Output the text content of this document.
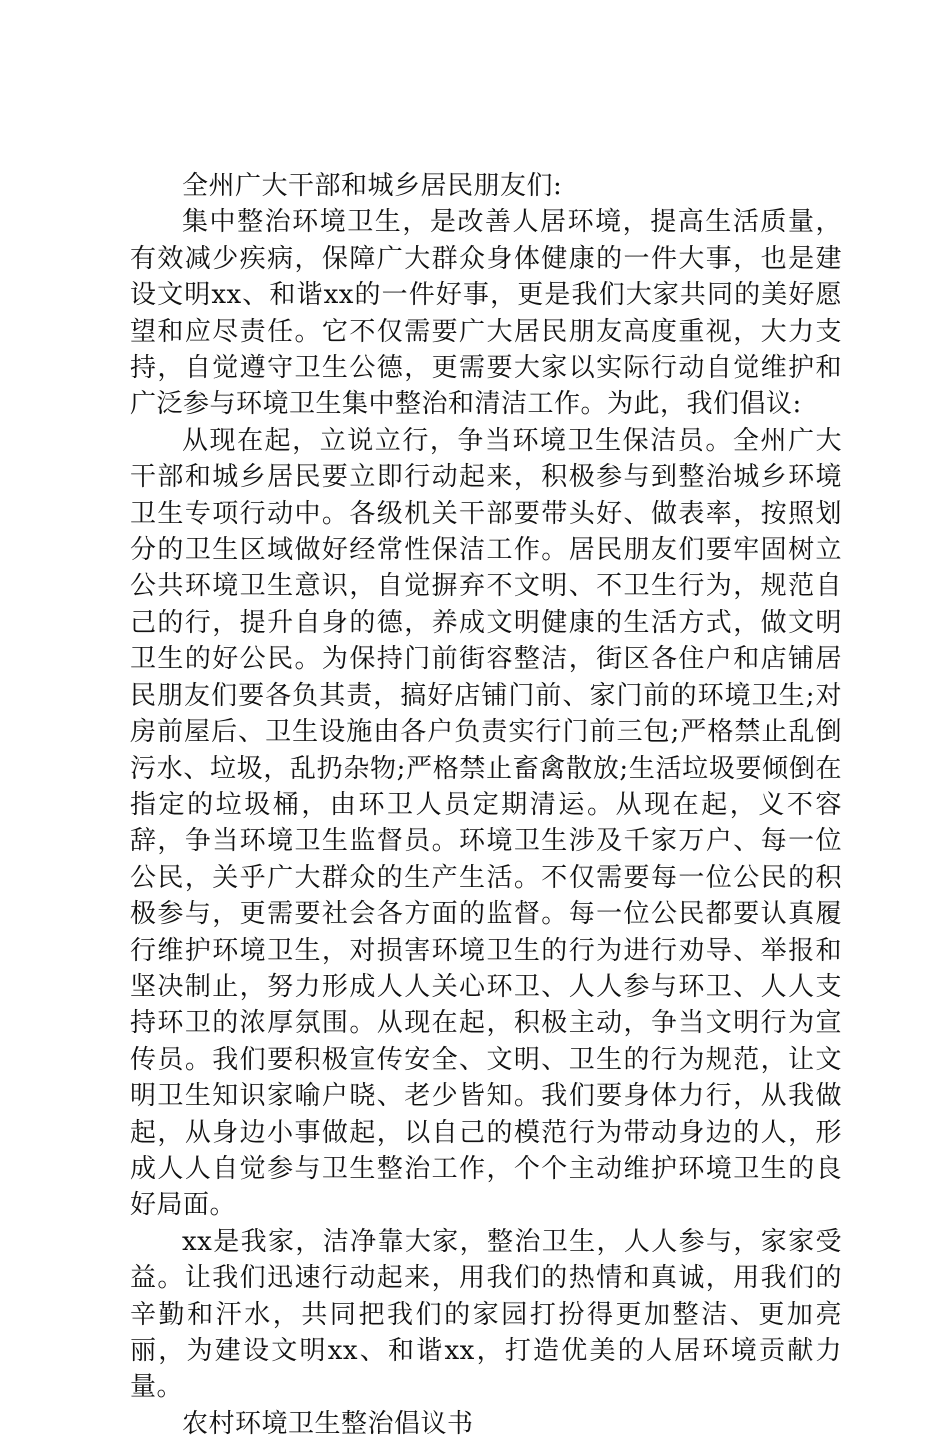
全州广大干部和城乡居民朋友们:

集中整治环境卫生，是改善人居环境，提高生活质量，有效减少疾病，保障广大群众身体健康的一件大事，也是建设文明xx、和谐xx的一件好事，更是我们大家共同的美好愿望和应尽责任。它不仅需要广大居民朋友高度重视，大力支持，自觉遵守卫生公德，更需要大家以实际行动自觉维护和广泛参与环境卫生集中整治和清洁工作。为此，我们倡议:

从现在起，立说立行，争当环境卫生保洁员。全州广大干部和城乡居民要立即行动起来，积极参与到整治城乡环境卫生专项行动中。各级机关干部要带头好、做表率，按照划分的卫生区域做好经常性保洁工作。居民朋友们要牢固树立公共环境卫生意识，自觉摒弃不文明、不卫生行为，规范自己的行，提升自身的德，养成文明健康的生活方式，做文明卫生的好公民。为保持门前街容整洁，街区各住户和店铺居民朋友们要各负其责，搞好店铺门前、家门前的环境卫生;对房前屋后、卫生设施由各户负责实行门前三包;严格禁止乱倒污水、垃圾，乱扔杂物;严格禁止畜禽散放;生活垃圾要倾倒在指定的垃圾桶，由环卫人员定期清运。从现在起，义不容辞，争当环境卫生监督员。环境卫生涉及千家万户、每一位公民，关乎广大群众的生产生活。不仅需要每一位公民的积极参与，更需要社会各方面的监督。每一位公民都要认真履行维护环境卫生，对损害环境卫生的行为进行劝导、举报和坚决制止，努力形成人人关心环卫、人人参与环卫、人人支持环卫的浓厚氛围。从现在起，积极主动，争当文明行为宣传员。我们要积极宣传安全、文明、卫生的行为规范，让文明卫生知识家喻户晓、老少皆知。我们要身体力行，从我做起，从身边小事做起，以自己的模范行为带动身边的人，形成人人自觉参与卫生整治工作，个个主动维护环境卫生的良好局面。

xx是我家，洁净靠大家，整治卫生，人人参与，家家受益。让我们迅速行动起来，用我们的热情和真诚，用我们的辛勤和汗水，共同把我们的家园打扮得更加整洁、更加亮丽，为建设文明xx、和谐xx，打造优美的人居环境贡献力量。

农村环境卫生整治倡议书
